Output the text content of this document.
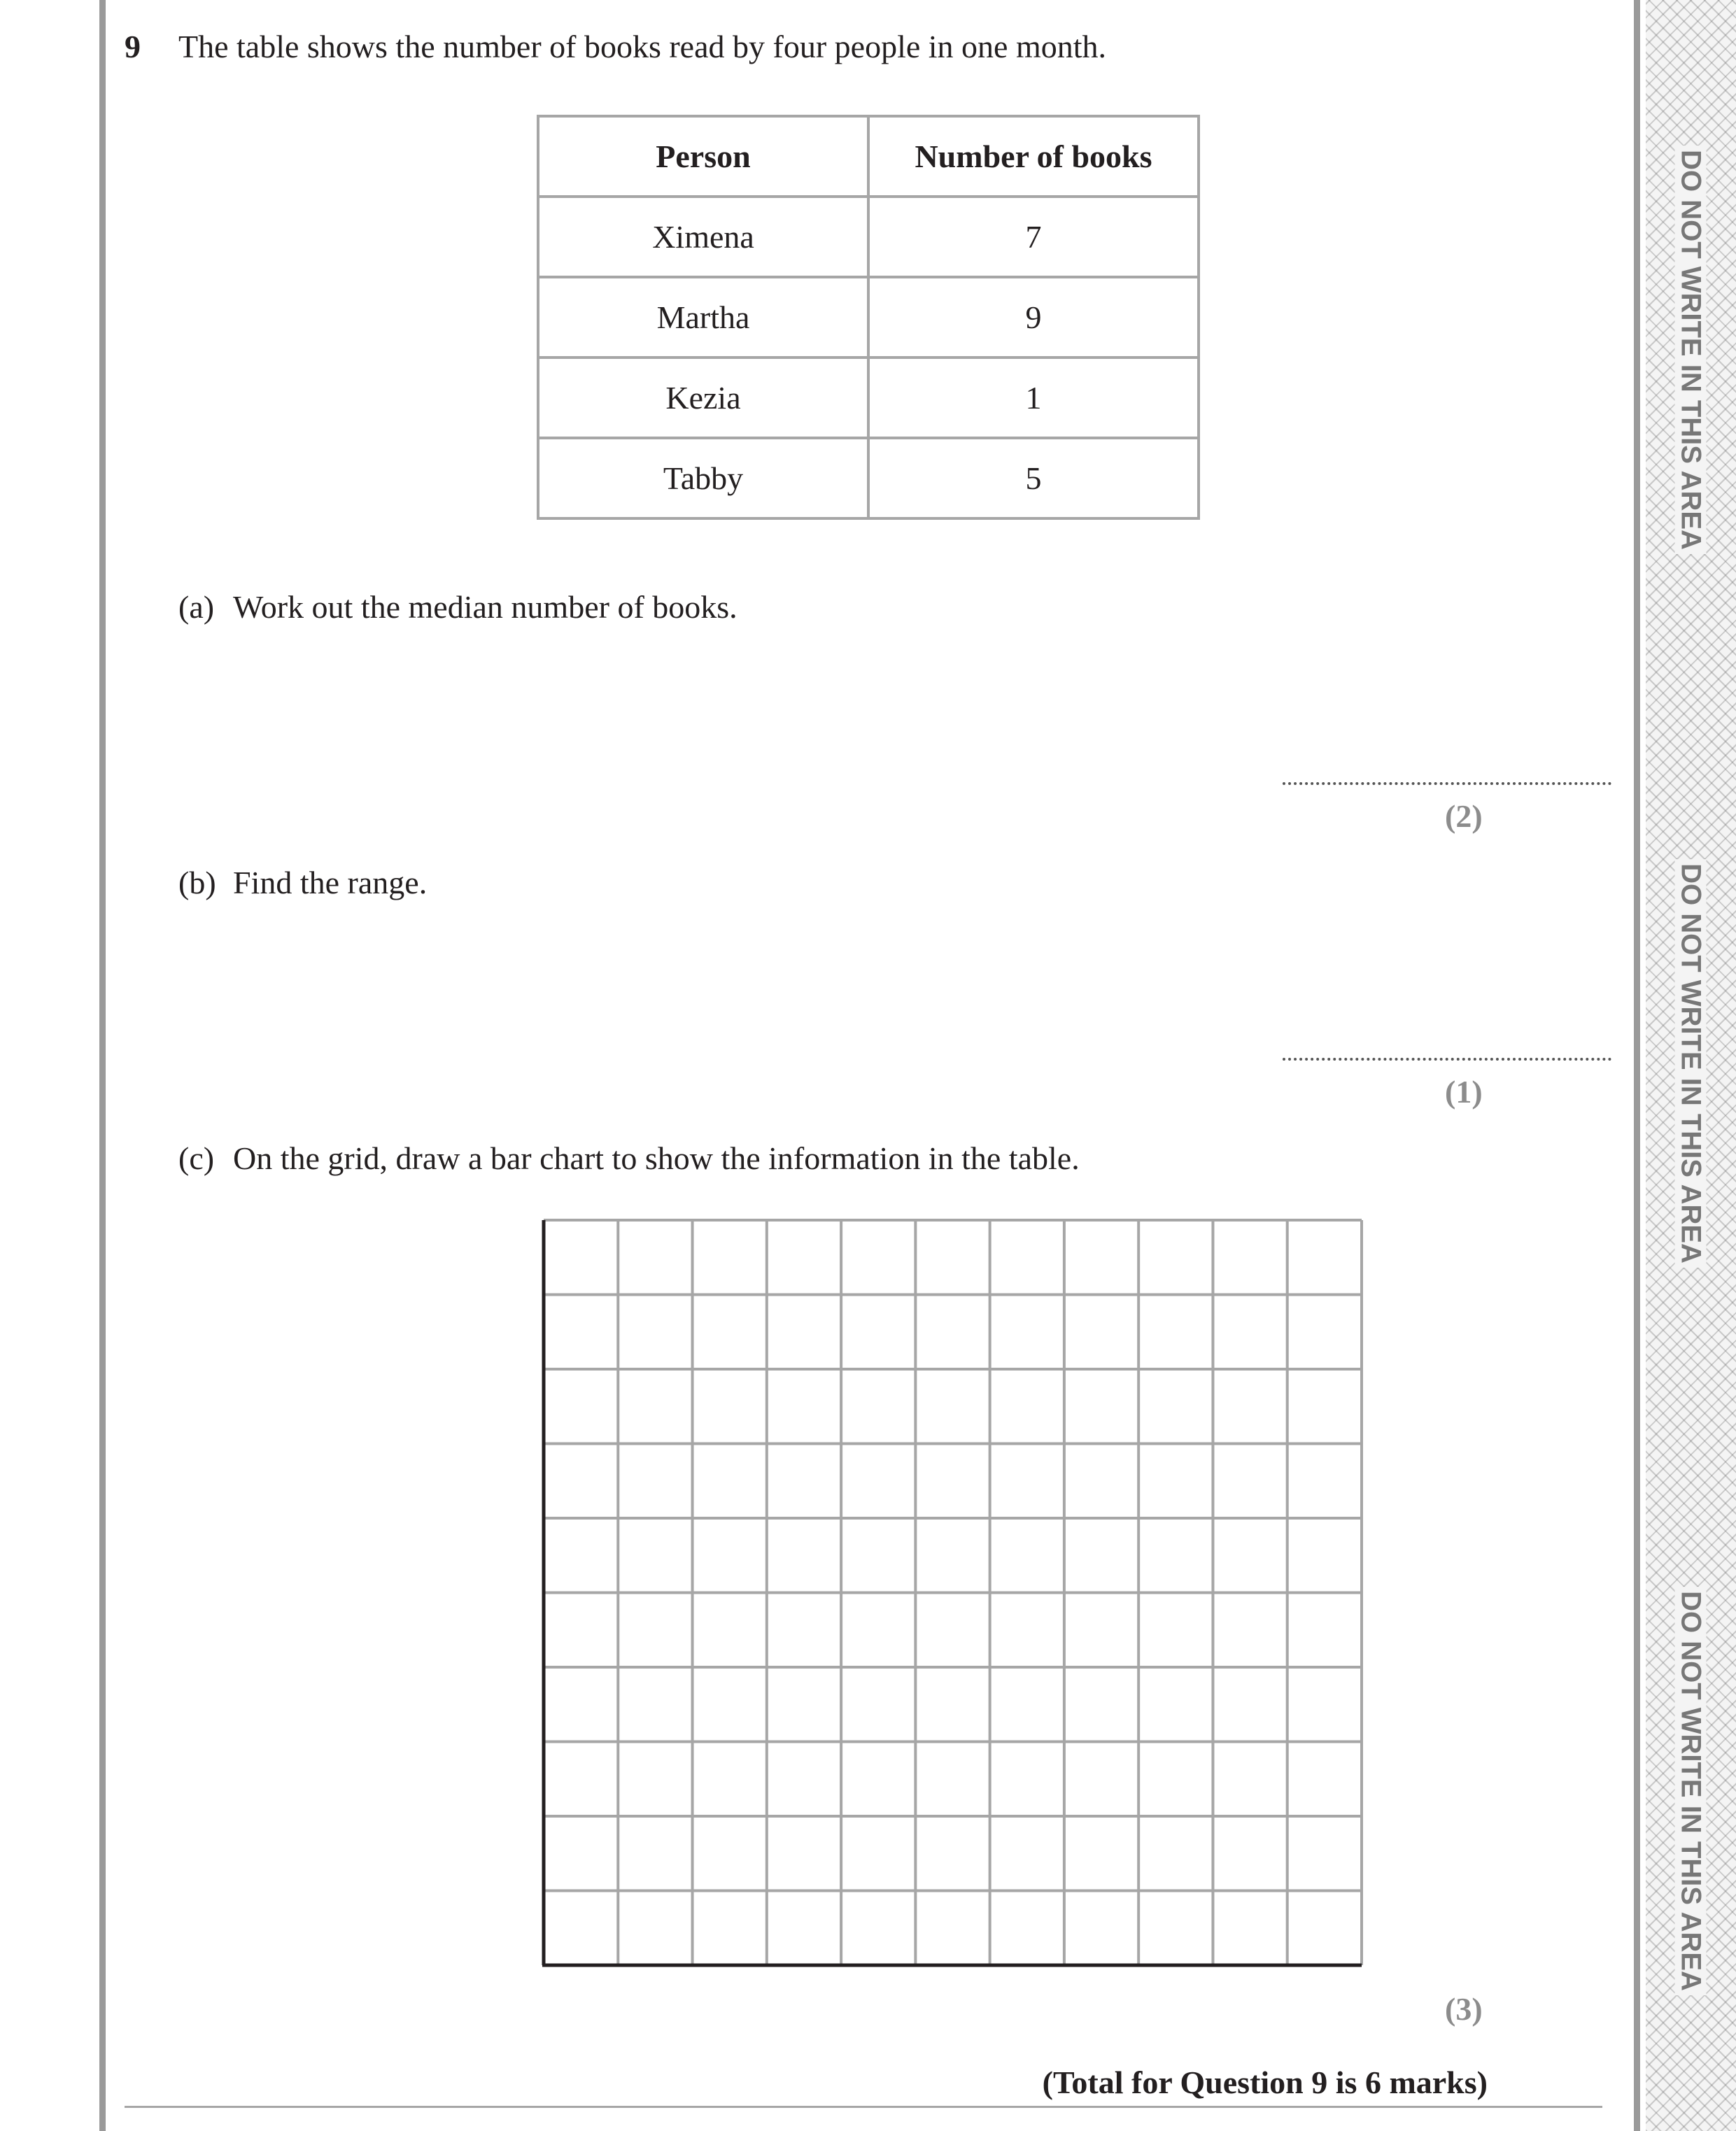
DO NOT WRITE IN THIS AREA
DO NOT WRITE IN THIS AREA
DO NOT WRITE IN THIS AREA
9 The table shows the number of books read by four people in one month.
Person	Number of books
Ximena	7
Martha	9
Kezia	1
Tabby	5
(a) Work out the median number of books.
(2)
(b) Find the range.
(1)
(c) On the grid, draw a bar chart to show the information in the table.
(3)
(Total for Question 9 is 6 marks)
